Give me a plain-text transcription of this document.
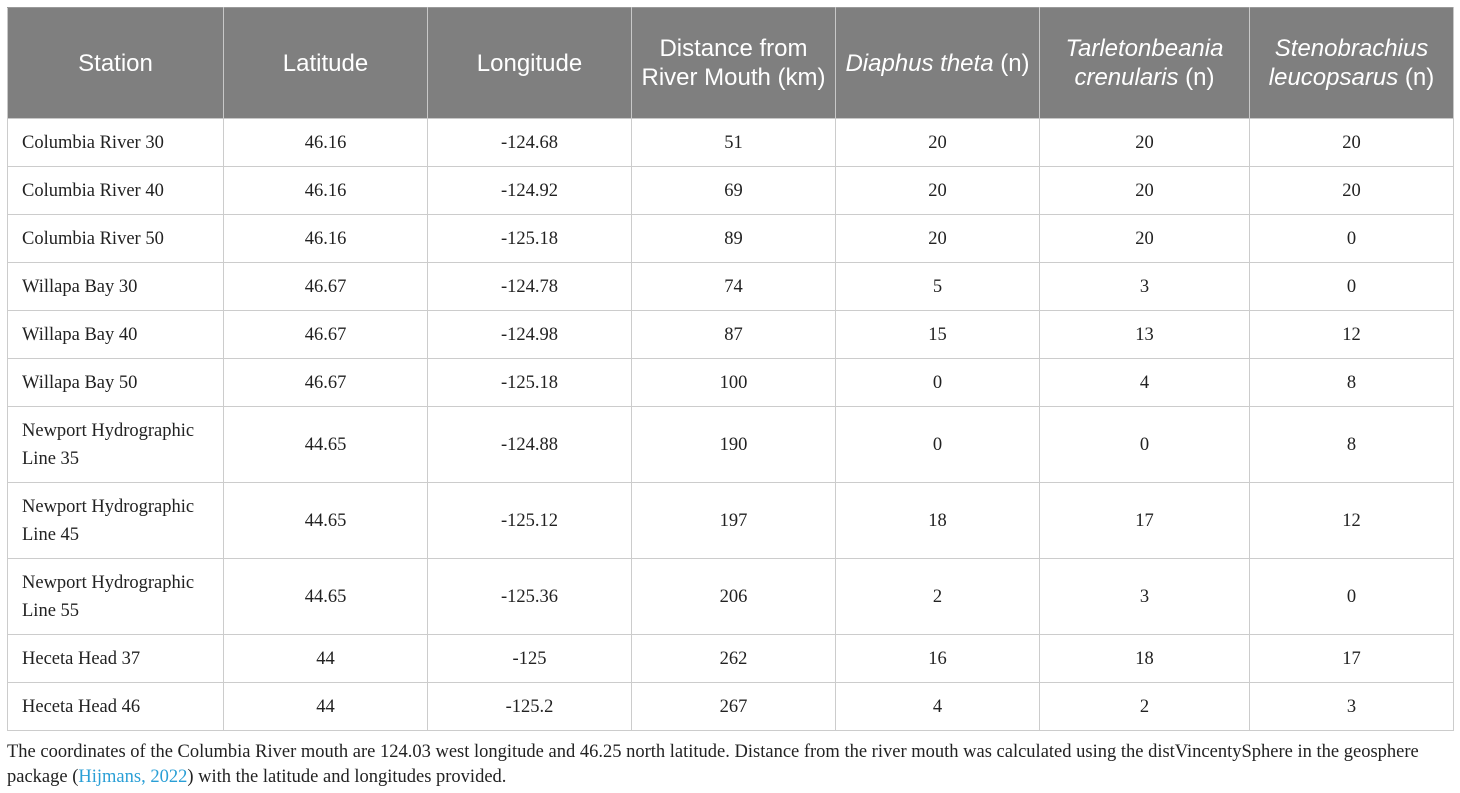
Station	Latitude	Longitude	Distance from River Mouth (km)	Diaphus theta (n)	Tarletonbeania crenularis (n)	Stenobrachius leucopsarus (n)
Columbia River 30	46.16	-124.68	51	20	20	20
Columbia River 40	46.16	-124.92	69	20	20	20
Columbia River 50	46.16	-125.18	89	20	20	0
Willapa Bay 30	46.67	-124.78	74	5	3	0
Willapa Bay 40	46.67	-124.98	87	15	13	12
Willapa Bay 50	46.67	-125.18	100	0	4	8
Newport Hydrographic Line 35	44.65	-124.88	190	0	0	8
Newport Hydrographic Line 45	44.65	-125.12	197	18	17	12
Newport Hydrographic Line 55	44.65	-125.36	206	2	3	0
Heceta Head 37	44	-125	262	16	18	17
Heceta Head 46	44	-125.2	267	4	2	3
The coordinates of the Columbia River mouth are 124.03 west longitude and 46.25 north latitude. Distance from the river mouth was calculated using the distVincentySphere in the geosphere package (Hijmans, 2022) with the latitude and longitudes provided.
